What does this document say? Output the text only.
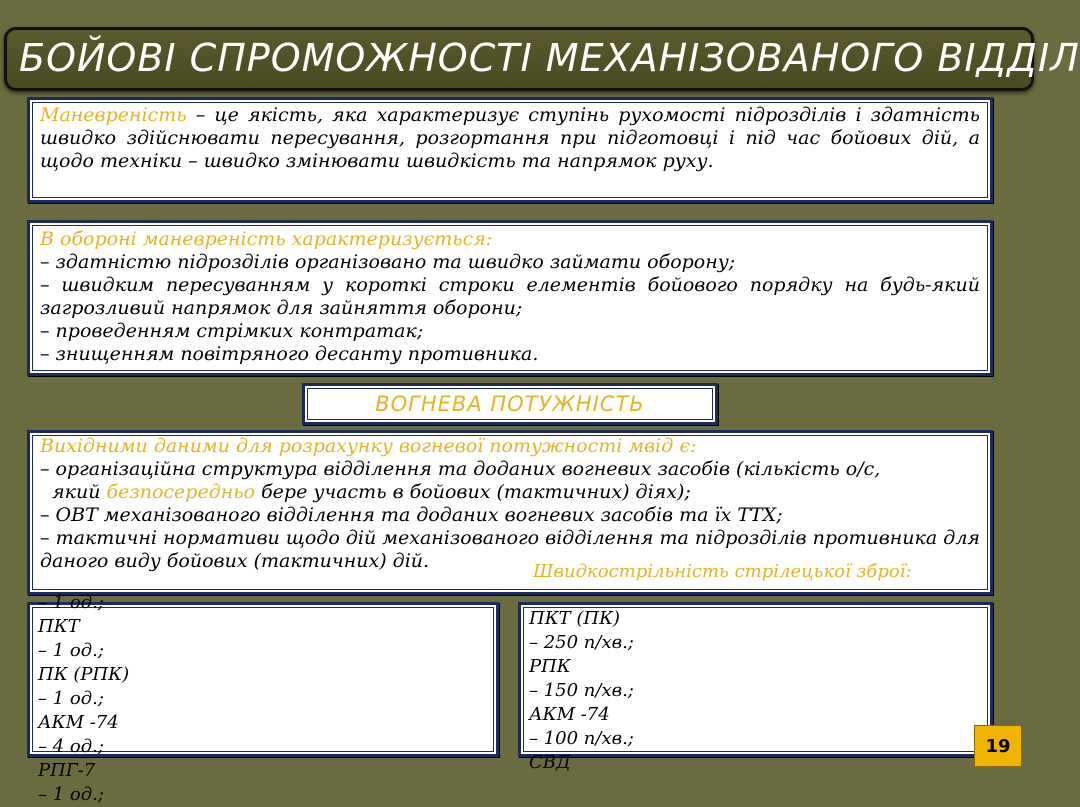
БОЙОВІ СПРОМОЖНОСТІ МЕХАНІЗОВАНОГО ВІДДІЛ
Маневреність – це якість, яка характеризує ступінь рухомості підрозділів і здатність швидко здійснювати пересування, розгортання при підготовці і під час бойових дій, а щодо техніки – швидко змінювати швидкість та напрямок руху.
В обороні маневреність характеризується:
– здатністю підрозділів організовано та швидко займати оборону;
– швидким пересуванням у короткі строки елементів бойового порядку на будь-який загрозливий напрямок для зайняття оборони;
– проведенням стрімких контратак;
– знищенням повітряного десанту противника.
ВОГНЕВА ПОТУЖНІСТЬ
Вихідними даними для розрахунку вогневої потужності мвід є:
– організаційна структура відділення та доданих вогневих засобів (кількість о/с,
який безпосередньо бере участь в бойових (тактичних) діях);
– ОВТ механізованого відділення та доданих вогневих засобів та їх ТТХ;
– тактичні нормативи щодо дій механізованого відділення та підрозділів противника для даного виду бойових (тактичних) дій.	Швидкострільність стрілецької зброї:
– 1 од.;
ПКТ
– 1 од.;
ПК (РПК)
– 1 од.;
АКМ -74
– 4 од.;
РПГ-7
– 1 од.;
ПКТ (ПК)
– 250 п/хв.;
РПК
– 150 п/хв.;
АКМ -74
– 100 п/хв.;
СВД
19
